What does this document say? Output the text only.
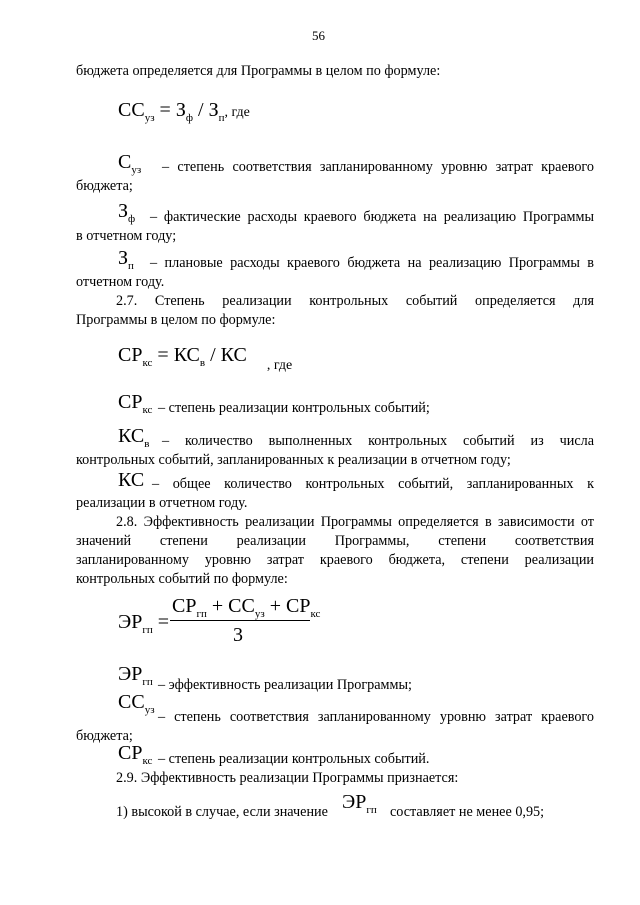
56
бюджета определяется для Программы в целом по формуле:
$СС_{уз} = З_ф / З_п$, где
$С_{уз}$ – степень соответствия запланированному уровню затрат краевого
бюджета;
$З_ф$ – фактические расходы краевого бюджета на реализацию Программы
в отчетном году;
$З_п$ – плановые расходы краевого бюджета на реализацию Программы в
отчетном году.
2.7. Степень реализации контрольных событий определяется для
Программы в целом по формуле:
$СР_{кс} = КС_в$ / КС $_{, где}$
$СР_{кс}$ – степень реализации контрольных событий;
$КС_в$ – количество выполненных контрольных событий из числа
контрольных событий, запланированных к реализации в отчетном году;
КС – общее количество контрольных событий, запланированных к
реализации в отчетном году.
2.8. Эффективность реализации Программы определяется в зависимости от
значений степени реализации Программы, степени соответствия
запланированному уровню затрат краевого бюджета, степени реализации
контрольных событий по формуле:
$ЭР_{гп}$ =
$СР_{гп} + СС_{уз} + СР_{кс}$
3
$ЭР_{гп}$ – эффективность реализации Программы;
$СС_{уз}$ – степень соответствия запланированному уровню затрат краевого
бюджета;
$СР_{кс}$ – степень реализации контрольных событий.
2.9. Эффективность реализации Программы признается:
1) высокой в случае, если значение $ЭР_{гп}$ составляет не менее 0,95;
